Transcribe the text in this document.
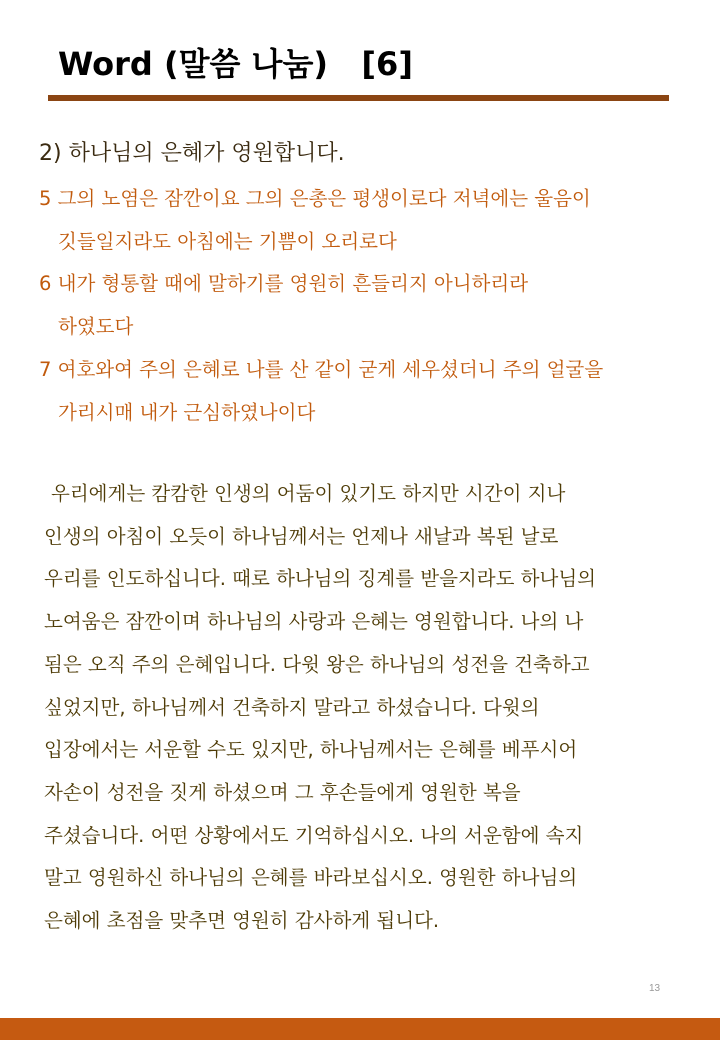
Word (말씀 나눔)   [6]
2) 하나님의 은혜가 영원합니다.
5 그의 노염은 잠깐이요 그의 은총은 평생이로다 저녁에는 울음이
깃들일지라도 아침에는 기쁨이 오리로다
6 내가 형통할 때에 말하기를 영원히 흔들리지 아니하리라
하였도다
7 여호와여 주의 은혜로 나를 산 같이 굳게 세우셨더니 주의 얼굴을
가리시매 내가 근심하였나이다
우리에게는 캄캄한 인생의 어둠이 있기도 하지만 시간이 지나
인생의 아침이 오듯이 하나님께서는 언제나 새날과 복된 날로
우리를 인도하십니다. 때로 하나님의 징계를 받을지라도 하나님의
노여움은 잠깐이며 하나님의 사랑과 은혜는 영원합니다. 나의 나
됨은 오직 주의 은혜입니다. 다윗 왕은 하나님의 성전을 건축하고
싶었지만, 하나님께서 건축하지 말라고 하셨습니다. 다윗의
입장에서는 서운할 수도 있지만, 하나님께서는 은혜를 베푸시어
자손이 성전을 짓게 하셨으며 그 후손들에게 영원한 복을
주셨습니다. 어떤 상황에서도 기억하십시오. 나의 서운함에 속지
말고 영원하신 하나님의 은혜를 바라보십시오. 영원한 하나님의
은혜에 초점을 맞추면 영원히 감사하게 됩니다.
13
